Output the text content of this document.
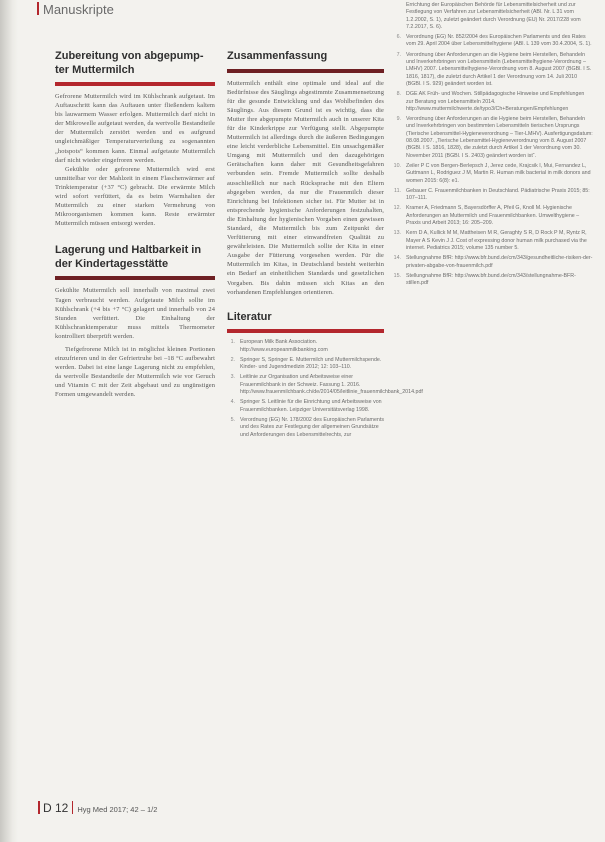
Manuskripte
Zubereitung von abgepump-ter Muttermilch

Gefrorene Muttermilch wird im Kühlschrank aufgetaut. Im Auftauschritt kann das Auftauen unter fließendem kaltem bis lauwarmem Wasser erfolgen. Muttermilch darf nicht in der Mikrowelle aufgetaut werden, da wertvolle Bestandteile der Muttermilch zerstört werden und es aufgrund ungleichmäßiger Temperaturverteilung zu sogenannten „hotspots“ kommen kann. Einmal aufgetaute Muttermilch darf nicht wieder eingefroren werden.

Gekühlte oder gefrorene Muttermilch wird erst unmittelbar vor der Mahlzeit in einem Flaschenwärmer auf Trinktemperatur (+37 °C) gebracht. Die erwärmte Milch wird sofort verfüttert, da es beim Warmhalten der Muttermilch zu einer starken Vermehrung von Mikroorganismen kommen kann. Reste erwärmter Muttermilch müssen entsorgt werden.

Lagerung und Haltbarkeit in der Kindertagesstätte

Gekühlte Muttermilch soll innerhalb von maximal zwei Tagen verbraucht werden. Aufgetaute Milch sollte im Kühlschrank (+4 bis +7 °C) gelagert und innerhalb von 24 Stunden verfüttert. Die Einhaltung der Kühlschranktemperatur muss mittels Thermometer kontrolliert überprüft werden.

Tiefgefrorene Milch ist in möglichst kleinen Portionen einzufrieren und in der Gefriertruhe bei –18 °C aufbewahrt werden. Dabei ist eine lange Lagerung nicht zu empfehlen, da wertvolle Bestandteile der Muttermilch wie vor Geruch und Vitamin C mit der Zeit abgebaut und zu ungünstigen Formen umgewandelt werden.

Zusammenfassung

Muttermilch enthält eine optimale und ideal auf die Bedürfnisse des Säuglings abgestimmte Zusammensetzung für die gesunde Entwicklung und das Wohlbefinden des Säuglings. Aus diesem Grund ist es wichtig, dass die Mutter ihre abgepumpte Muttermilch auch in unserer Kita für die Kinderkrippe zur Verfügung stellt. Abgepumpte Muttermilch ist allerdings durch die äußeren Bedingungen eine leicht verderbliche Lebensmittel. Ein unsachgemäßer Umgang mit Muttermilch und den dazugehörigen Gerätschaften kann daher mit Gesundheitsgefahren verbunden sein. Fremde Muttermilch sollte deshalb ausschließlich nur nach Rücksprache mit den Eltern abgegeben werden, da nur die Frauenmilch dieser Einrichtung bei Infektionen sicher ist. Für Mutter ist in entsprechende hygienische Anforderungen festzuhalten, die Einhaltung der hygienischen Vorgaben einen gewissen Standard, die Muttermilch bis zum Zeitpunkt der Verfütterung mit einer einwandfreien Qualität zu gewährleisten. Die Muttermilch sollte der Kita in einer Ausgabe der Fütterung vorgesehen werden. Für die Muttermilch im Kitas, in Deutschland besteht weiterhin ein Bedarf an einheitlichen Standards und gesetzlichen Vorgaben. Bis dahin müssen sich Kitas an den vorhandenen Empfehlungen orientieren.

Literatur
1. European Milk Bank Association. http://www.europeanmilkbanking.com
2. Springer S, Springer E. Muttermilch und Muttermilchspende. Kinder- und Jugendmedizin 2012; 12: 103–110.
3. Leitlinie zur Organisation und Arbeitsweise einer Frauenmilchbank in der Schweiz. Fassung 1. 2016. http://www.frauenmilchbank.ch/de/2014/05/leitlinie_frauenmilchbank_2014.pdf
4. Springer S. Leitlinie für die Einrichtung und Arbeitsweise von Frauenmilchbanken. Leipziger Universitätsverlag 1998.
5. Verordnung (EG) Nr. 178/2002 des Europäischen Parlaments und des Rates zur Festlegung der allgemeinen Grundsätze und Anforderungen des Lebensmittelrechts, zur
Errichtung der Europäischen Behörde für Lebensmittelsicherheit und zur Festlegung von Verfahren zur Lebensmittelsicherheit (ABl. Nr. L 31 vom 1.2.2002, S. 1), zuletzt geändert durch Verordnung (EU) Nr. 2017/228 vom 7.2.2017, S. 6).
6. Verordnung (EG) Nr. 852/2004 des Europäischen Parlaments und des Rates vom 29. April 2004 über Lebensmittelhygiene (ABl. L 139 vom 30.4.2004, S. 1).
7. Verordnung über Anforderungen an die Hygiene beim Herstellen, Behandeln und Inverkehrbringen von Lebensmitteln (Lebensmittelhygiene-Verordnung – LMHV) 2007. Lebensmittelhygiene-Verordnung vom 8. August 2007 (BGBl. I S. 1816, 1817), die zuletzt durch Artikel 1 der Verordnung vom 14. Juli 2010 (BGBl. I S. 929) geändert worden ist.
8. DGE AK Früh- und Wochen. Stillpädagogische Hinweise und Empfehlungen zur Beratung von Lebensmitteln 2014. http://www.muttermilchwerte.de/typo3/Ch+Beratungen/Empfehlungen
9. Verordnung über Anforderungen an die Hygiene beim Herstellen, Behandeln und Inverkehrbringen von bestimmten Lebensmitteln tierischen Ursprungs (Tierische Lebensmittel-Hygieneverordnung – Tier-LMHV). Ausfertigungsdatum: 08.08.2007. „Tierische Lebensmittel-Hygieneverordnung vom 8. August 2007 (BGBl. I S. 1816, 1828), die zuletzt durch Artikel 1 der Verordnung vom 30. November 2011 (BGBl. I S. 2403) geändert worden ist“.
10. Zeiler P C von Bergen-Berlepsch J, Jerez cede, Krajcsik I, Mui, Fernandez L, Guttmann L, Rodriguez J M, Martin R. Human milk bacterial in milk donors and women 2015: 6(8): e1.
11. Gebauer C. Frauenmilchbanken in Deutschland. Pädiatrische Praxis 2015; 85: 107–111.
12. Kramer A, Friedmann S, Bayersdörffer A, Pfeil G, Knoll M. Hygienische Anforderungen an Muttermilch und Frauenmilchbanken. Umwelthygiene – Praxis und Arbeit 2013; 16: 205–209.
13. Kern D A, Kullick M M, Mattheisen M R, Geraghty S R, D Rock P M, Ryntz R, Mayer A S Kevin J J. Cost of expressing donor human milk purchased via the internet. Pediatrics 2015; volume 135 number 5.
14. Stellungnahme BfR: http://www.bfr.bund.de/cm/343/gesundheitliche-risiken-der-privaten-abgabe-von-frauenmilch.pdf
15. Stellungnahme BfR: http://www.bfr.bund.de/cm/343/stellungnahme-BFR-stillen.pdf
D 12 Hyg Med 2017; 42 – 1/2
